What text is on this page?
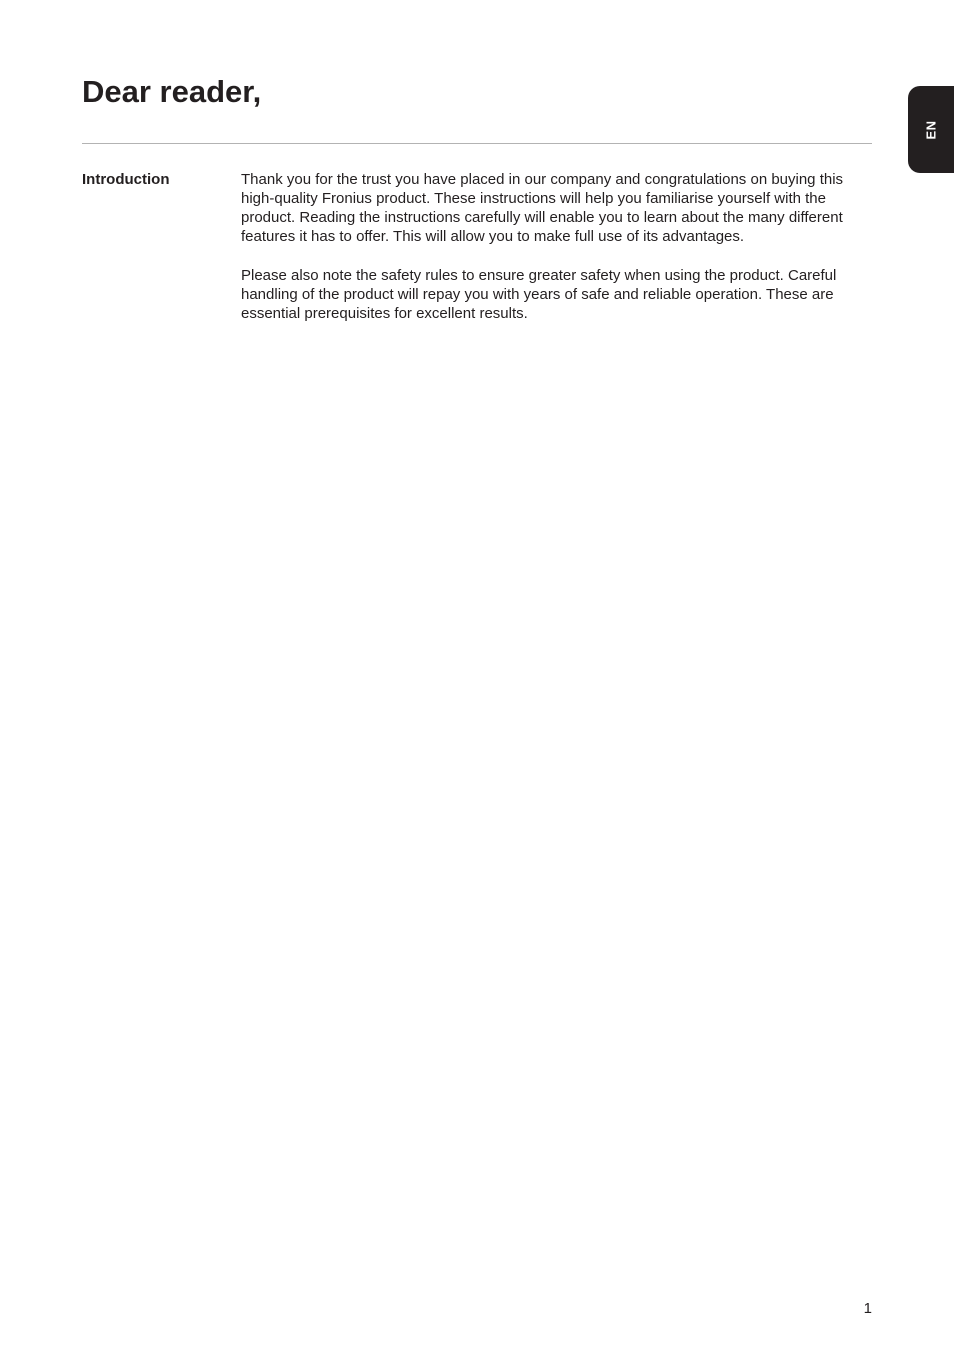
Dear reader,
EN
Introduction	Thank you for the trust you have placed in our company and congratulations on buying this high-quality Fronius product. These instructions will help you familiarise yourself with the product. Reading the instructions carefully will enable you to learn about the many different features it has to offer. This will allow you to make full use of its advantages.

Please also note the safety rules to ensure greater safety when using the product. Careful handling of the product will repay you with years of safe and reliable operation. These are essential prerequisites for excellent results.

1
